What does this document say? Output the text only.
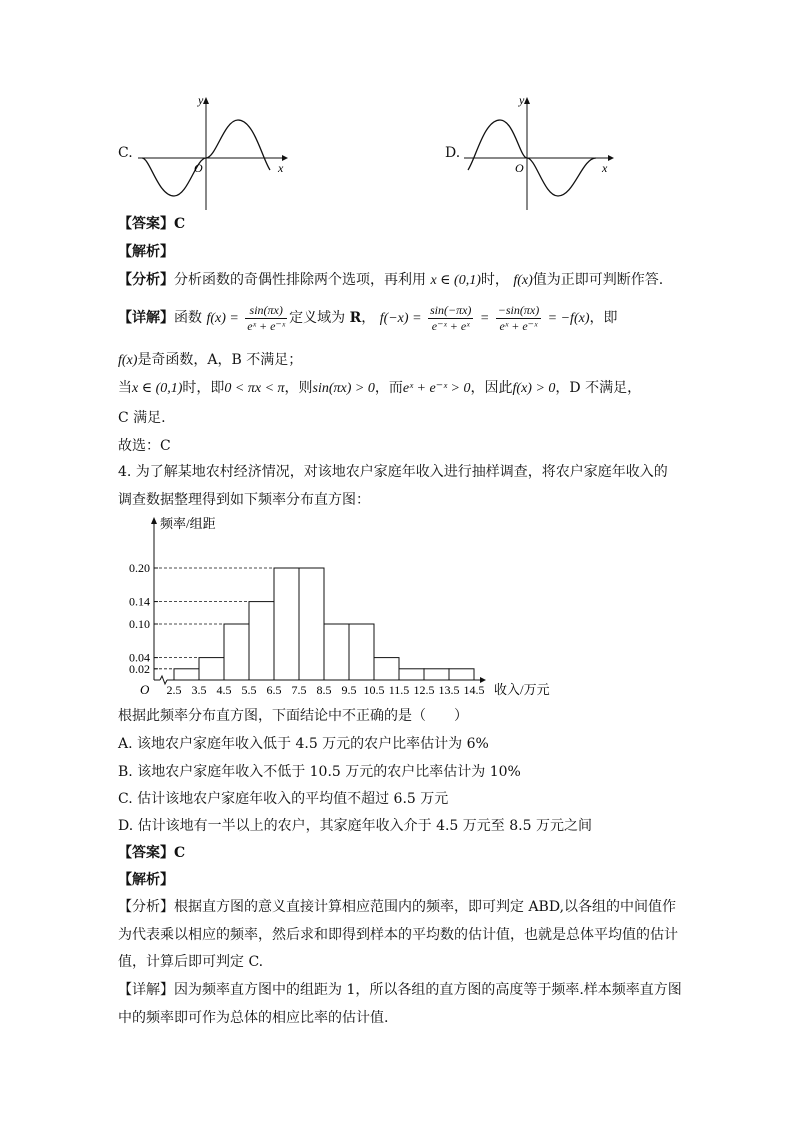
C.
y
x
O
D.
y
x
O
【答案】C
【解析】
【分析】分析函数的奇偶性排除两个选项，再利用 x ∈ (0,1)时， f(x)值为正即可判断作答.
【详解】函数 $f(x) = \frac{\sin(\pi x)}{\text{eˣ + e⁻ˣ}}$ 定义域为 R， $f(-x) = \frac{\sin(-\pi x)}{\text{e⁻ˣ + eˣ}} = \frac{-\sin(\pi x)}{\text{eˣ + e⁻ˣ}} = -f(x)$，即
f(x)是奇函数，A，B 不满足；
当x ∈ (0,1)时，即0 < πx < π，则sin(πx) > 0，而eˣ + e⁻ˣ > 0，因此f(x) > 0，D 不满足，
C 满足.
故选：C
4. 为了解某地农村经济情况，对该地农户家庭年收入进行抽样调查，将农户家庭年收入的
调查数据整理得到如下频率分布直方图：
频率/组距
O	收入/万元
0.02
0.04
0.10
0.14
0.20
2.5 3.5 4.5 5.5 6.5 7.5 8.5 9.5 10.5 11.5 12.5 13.5 14.5
根据此频率分布直方图，下面结论中不正确的是（　　）
A. 该地农户家庭年收入低于 4.5 万元的农户比率估计为 6%
B. 该地农户家庭年收入不低于 10.5 万元的农户比率估计为 10%
C. 估计该地农户家庭年收入的平均值不超过 6.5 万元
D. 估计该地有一半以上的农户，其家庭年收入介于 4.5 万元至 8.5 万元之间
【答案】C
【解析】
【分析】根据直方图的意义直接计算相应范围内的频率，即可判定 ABD,以各组的中间值作
为代表乘以相应的频率，然后求和即得到样本的平均数的估计值，也就是总体平均值的估计
值，计算后即可判定 C.
【详解】因为频率直方图中的组距为 1，所以各组的直方图的高度等于频率.样本频率直方图
中的频率即可作为总体的相应比率的估计值.
